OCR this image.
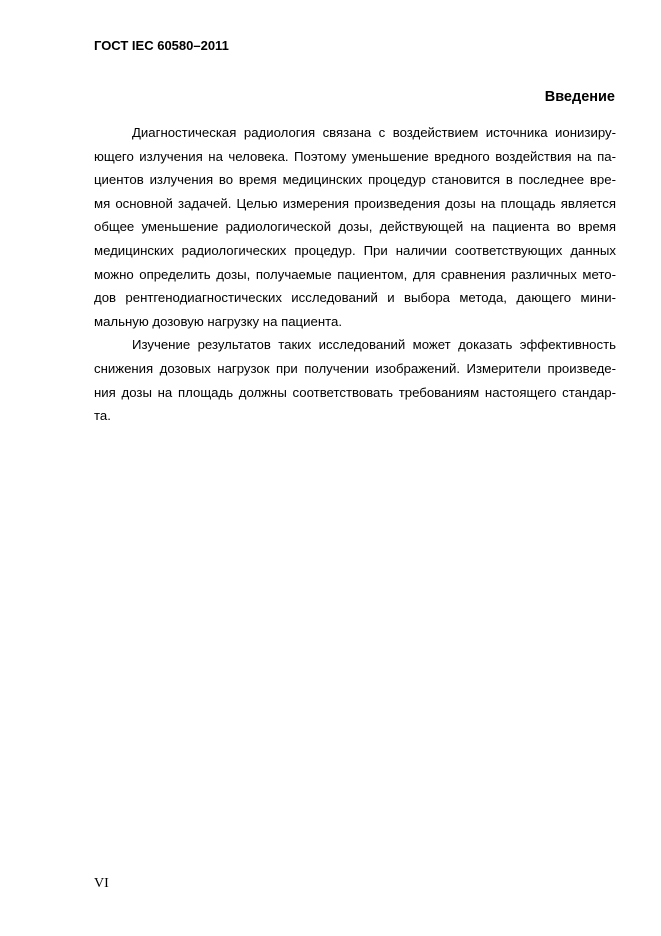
ГОСТ IEC 60580–2011
Введение
Диагностическая радиология связана с воздействием источника ионизиру-
ющего излучения на человека. Поэтому уменьшение вредного воздействия на па-
циентов излучения во время медицинских процедур становится в последнее вре-
мя основной задачей. Целью измерения произведения дозы на площадь является
общее уменьшение радиологической дозы, действующей на пациента во время
медицинских радиологических процедур. При наличии соответствующих данных
можно определить дозы, получаемые пациентом, для сравнения различных мето-
дов рентгенодиагностических исследований и выбора метода, дающего мини-
мальную дозовую нагрузку на пациента.
Изучение результатов таких исследований может доказать эффективность
снижения дозовых нагрузок при получении изображений. Измерители произведе-
ния дозы на площадь должны соответствовать требованиям настоящего стандар-
та.
VI
